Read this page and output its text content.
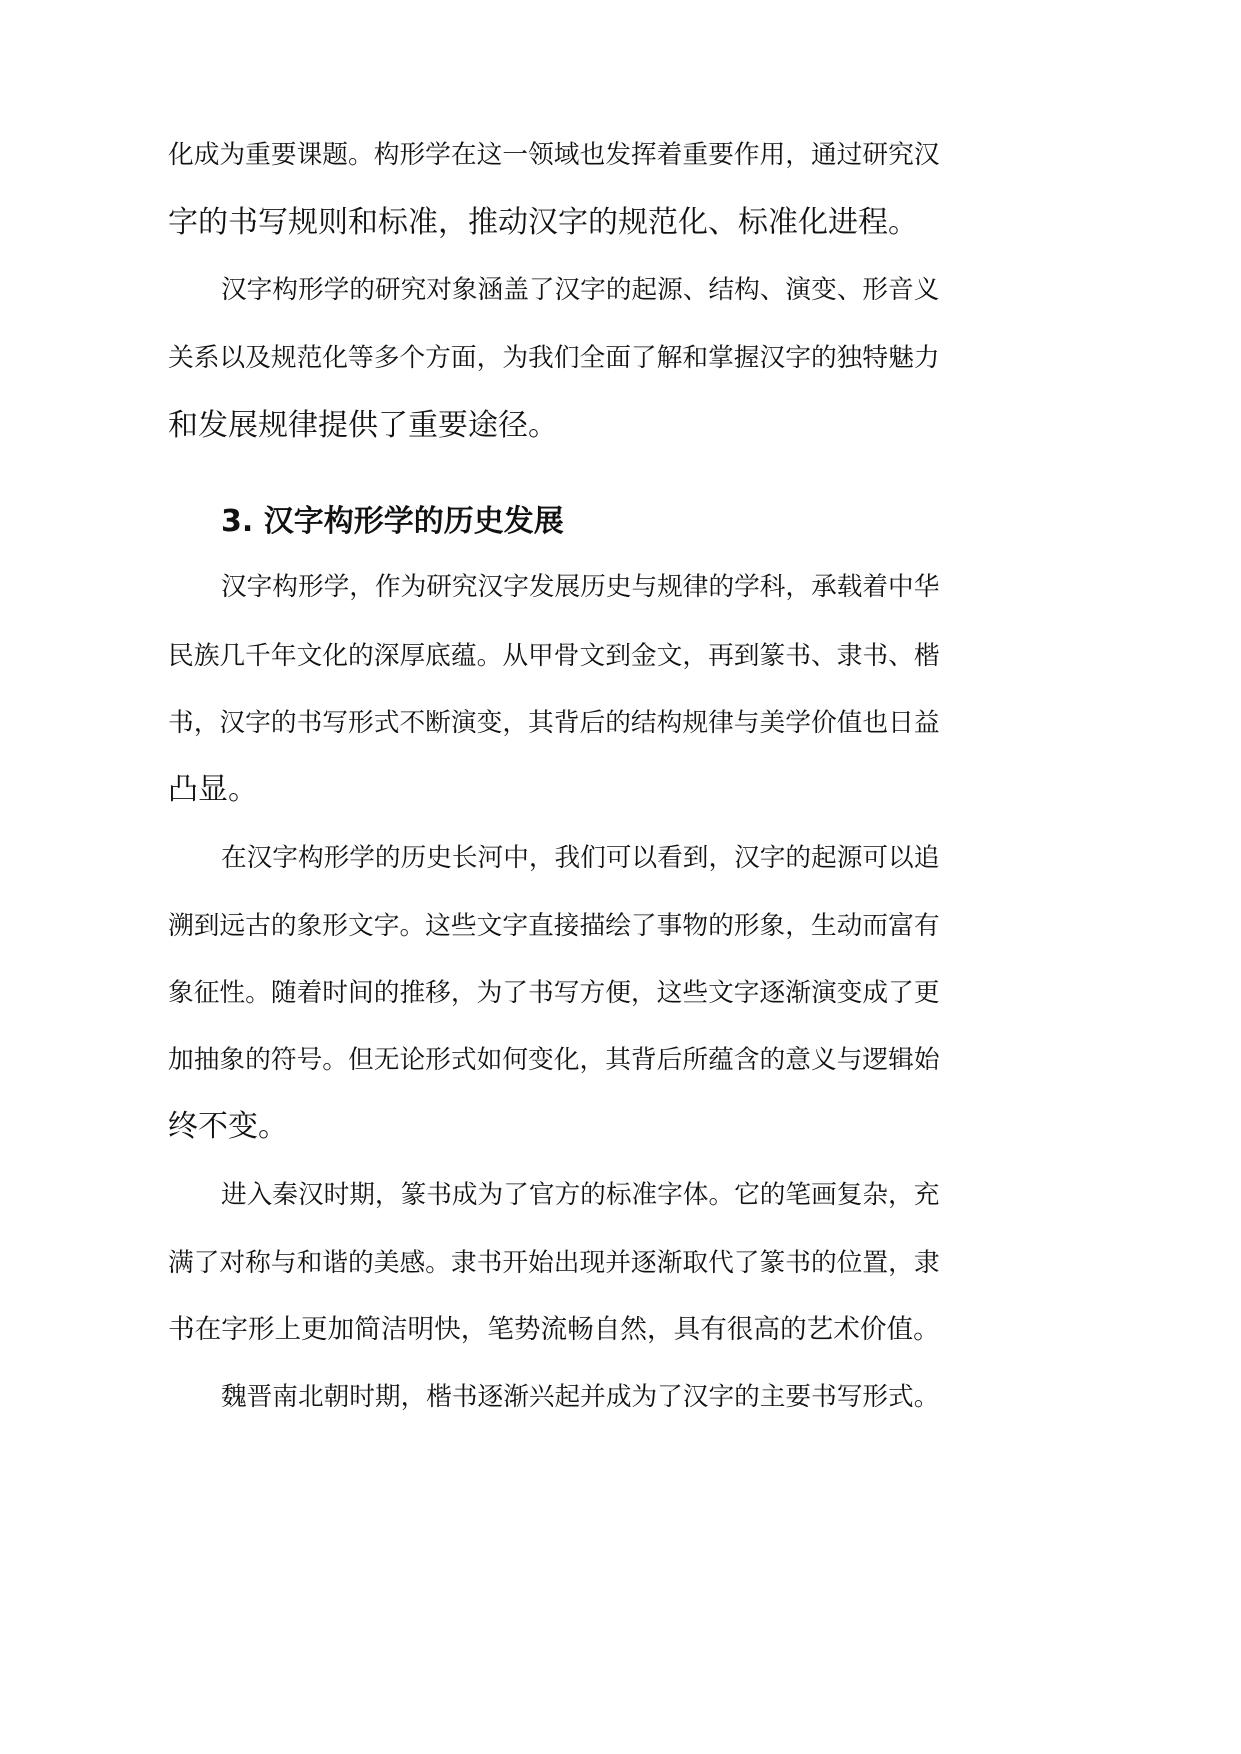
化成为重要课题。构形学在这一领域也发挥着重要作用，通过研究汉
字的书写规则和标准，推动汉字的规范化、标准化进程。
汉字构形学的研究对象涵盖了汉字的起源、结构、演变、形音义
关系以及规范化等多个方面，为我们全面了解和掌握汉字的独特魅力
和发展规律提供了重要途径。
3. 汉字构形学的历史发展
汉字构形学，作为研究汉字发展历史与规律的学科，承载着中华
民族几千年文化的深厚底蕴。从甲骨文到金文，再到篆书、隶书、楷
书，汉字的书写形式不断演变，其背后的结构规律与美学价值也日益
凸显。
在汉字构形学的历史长河中，我们可以看到，汉字的起源可以追
溯到远古的象形文字。这些文字直接描绘了事物的形象，生动而富有
象征性。随着时间的推移，为了书写方便，这些文字逐渐演变成了更
加抽象的符号。但无论形式如何变化，其背后所蕴含的意义与逻辑始
终不变。
进入秦汉时期，篆书成为了官方的标准字体。它的笔画复杂，充
满了对称与和谐的美感。隶书开始出现并逐渐取代了篆书的位置，隶
书在字形上更加简洁明快，笔势流畅自然，具有很高的艺术价值。
魏晋南北朝时期，楷书逐渐兴起并成为了汉字的主要书写形式。
